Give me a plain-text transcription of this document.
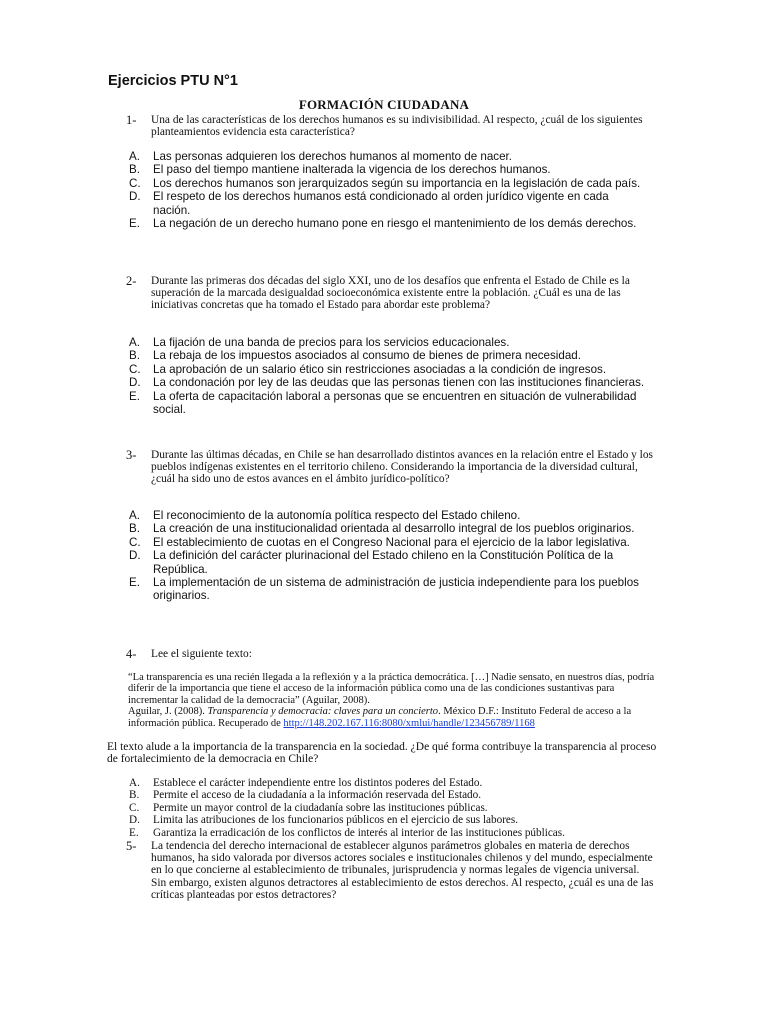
Ejercicios PTU N°1
FORMACIÓN CIUDADANA
1- Una de las características de los derechos humanos es su indivisibilidad. Al respecto, ¿cuál de los siguientes planteamientos evidencia esta característica?
A. Las personas adquieren los derechos humanos al momento de nacer.
B. El paso del tiempo mantiene inalterada la vigencia de los derechos humanos.
C. Los derechos humanos son jerarquizados según su importancia en la legislación de cada país.
D. El respeto de los derechos humanos está condicionado al orden jurídico vigente en cada nación.
E. La negación de un derecho humano pone en riesgo el mantenimiento de los demás derechos.
2- Durante las primeras dos décadas del siglo XXI, uno de los desafíos que enfrenta el Estado de Chile es la superación de la marcada desigualdad socioeconómica existente entre la población. ¿Cuál es una de las iniciativas concretas que ha tomado el Estado para abordar este problema?
A. La fijación de una banda de precios para los servicios educacionales.
B. La rebaja de los impuestos asociados al consumo de bienes de primera necesidad.
C. La aprobación de un salario ético sin restricciones asociadas a la condición de ingresos.
D. La condonación por ley de las deudas que las personas tienen con las instituciones financieras.
E. La oferta de capacitación laboral a personas que se encuentren en situación de vulnerabilidad social.
3- Durante las últimas décadas, en Chile se han desarrollado distintos avances en la relación entre el Estado y los pueblos indígenas existentes en el territorio chileno. Considerando la importancia de la diversidad cultural, ¿cuál ha sido uno de estos avances en el ámbito jurídico-político?
A. El reconocimiento de la autonomía política respecto del Estado chileno.
B. La creación de una institucionalidad orientada al desarrollo integral de los pueblos originarios.
C. El establecimiento de cuotas en el Congreso Nacional para el ejercicio de la labor legislativa.
D. La definición del carácter plurinacional del Estado chileno en la Constitución Política de la República.
E. La implementación de un sistema de administración de justicia independiente para los pueblos originarios.
4- Lee el siguiente texto:
“La transparencia es una recién llegada a la reflexión y a la práctica democrática. […] Nadie sensato, en nuestros días, podría diferir de la importancia que tiene el acceso de la información pública como una de las condiciones sustantivas para incrementar la calidad de la democracia” (Aguilar, 2008).
Aguilar, J. (2008). Transparencia y democracia: claves para un concierto. México D.F.: Instituto Federal de acceso a la información pública. Recuperado de http://148.202.167.116:8080/xmlui/handle/123456789/1168
El texto alude a la importancia de la transparencia en la sociedad. ¿De qué forma contribuye la transparencia al proceso de fortalecimiento de la democracia en Chile?
A. Establece el carácter independiente entre los distintos poderes del Estado.
B. Permite el acceso de la ciudadanía a la información reservada del Estado.
C. Permite un mayor control de la ciudadanía sobre las instituciones públicas.
D. Limita las atribuciones de los funcionarios públicos en el ejercicio de sus labores.
E. Garantiza la erradicación de los conflictos de interés al interior de las instituciones públicas.
5- La tendencia del derecho internacional de establecer algunos parámetros globales en materia de derechos humanos, ha sido valorada por diversos actores sociales e institucionales chilenos y del mundo, especialmente en lo que concierne al establecimiento de tribunales, jurisprudencia y normas legales de vigencia universal. Sin embargo, existen algunos detractores al establecimiento de estos derechos. Al respecto, ¿cuál es una de las críticas planteadas por estos detractores?
